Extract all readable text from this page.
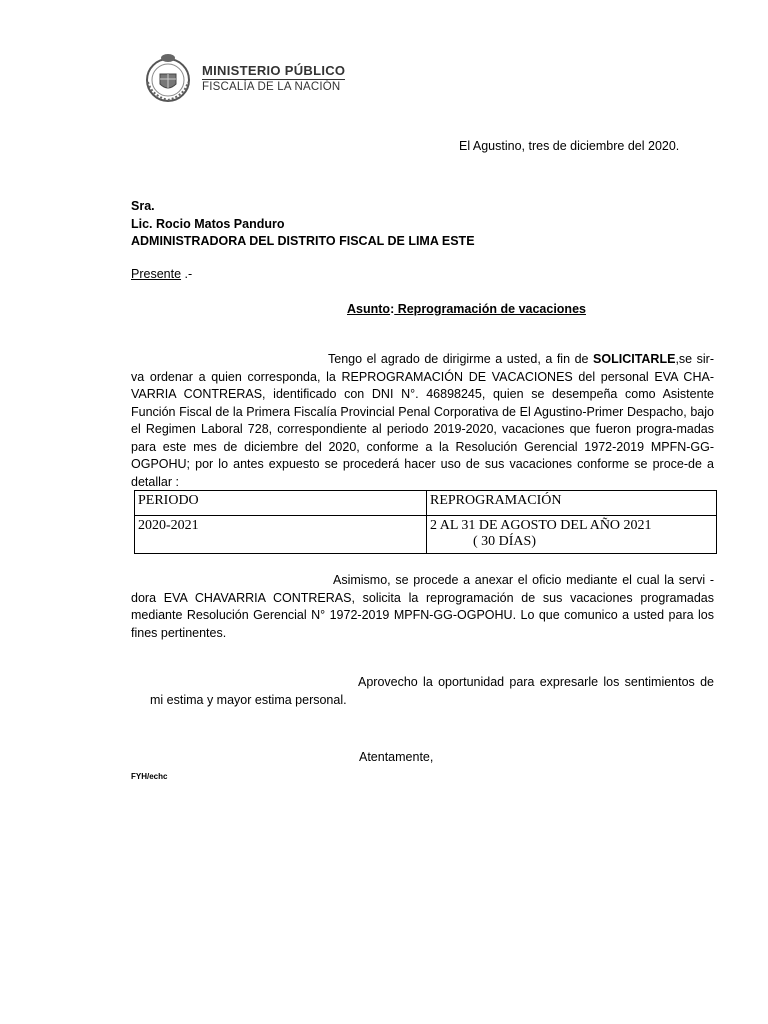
MINISTERIO PÚBLICO
FISCALÍA DE LA NACIÓN
El Agustino, tres de diciembre del 2020.
Sra.
Lic. Rocio Matos Panduro
ADMINISTRADORA DEL DISTRITO FISCAL DE LIMA ESTE
Presente .-
Asunto: Reprogramación de vacaciones
Tengo el agrado de dirigirme a usted, a fin de SOLICITARLE,se sir-va ordenar a quien corresponda, la REPROGRAMACIÓN DE VACACIONES del personal EVA CHA-VARRIA CONTRERAS, identificado con DNI N°. 46898245, quien se desempeña como Asistente Función Fiscal de la Primera Fiscalía Provincial Penal Corporativa de El Agustino-Primer Despacho, bajo el Regimen Laboral 728, correspondiente al periodo 2019-2020, vacaciones que fueron progra-madas para este mes de diciembre del 2020, conforme a la Resolución Gerencial 1972-2019 MPFN-GG-OGPOHU; por lo antes expuesto se procederá hacer uso de sus vacaciones conforme se proce-de a detallar :
PERIODO	REPROGRAMACIÓN
2020-2021	2 AL 31 DE AGOSTO DEL AÑO 2021
( 30 DÍAS)
Asimismo, se procede a anexar el oficio mediante el cual la servi - dora EVA CHAVARRIA CONTRERAS, solicita la reprogramación de sus vacaciones programadas mediante Resolución Gerencial N° 1972-2019 MPFN-GG-OGPOHU. Lo que comunico a usted para los fines pertinentes.
Aprovecho la oportunidad para expresarle los sentimientos de mi estima y mayor estima personal.
Atentamente,
FYH/echc
